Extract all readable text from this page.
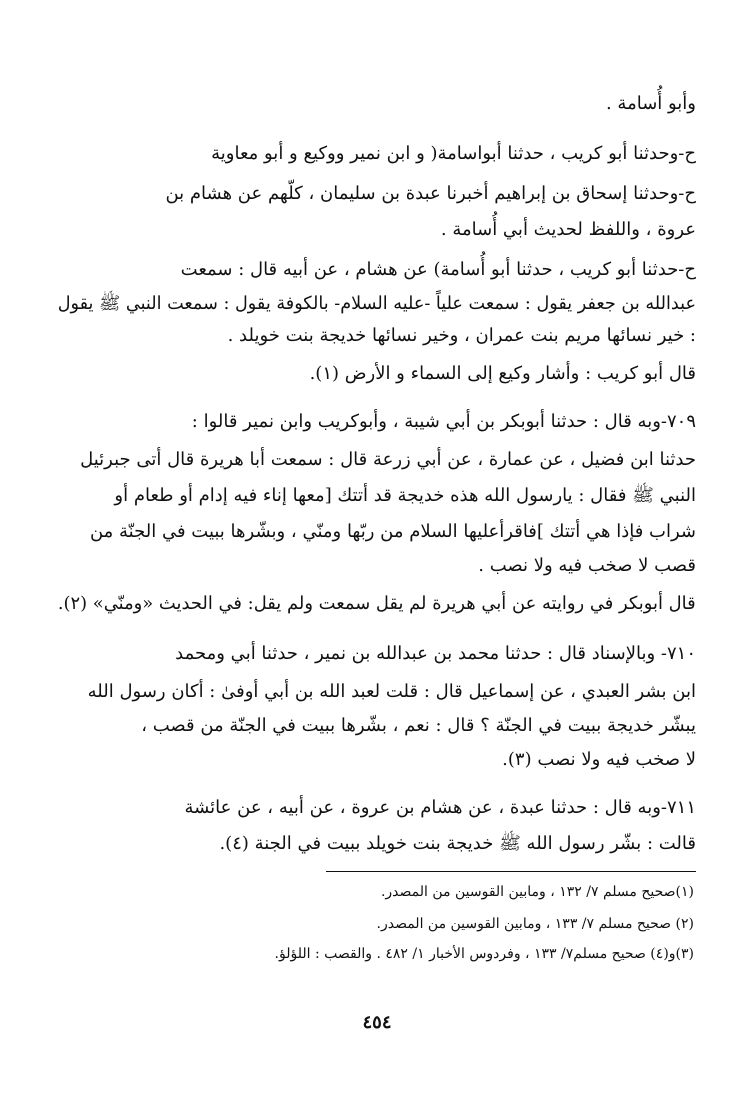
وأبو أُسامة .
ح-وحدثنا أبو كريب ، حدثنا أبواسامة( و ابن نمير ووكيع و أبو معاوية
ح-وحدثنا إسحاق بن إبراهيم أخبرنا عبدة بن سليمان ، كلّهم عن هشام بن
عروة ، واللفظ لحديث أبي أُسامة .
ح-حدثنا أبو كريب ، حدثنا أبو أُسامة) عن هشام ، عن أبيه قال : سمعت
عبدالله بن جعفر يقول : سمعت علياً -عليه السلام- بالكوفة يقول : سمعت النبي ﷺ يقول
: خير نسائها مريم بنت عمران ، وخير نسائها خديجة بنت خويلد .
قال أبو كريب : وأشار وكيع إلى السماء و الأرض (١).
٧٠٩-وبه قال : حدثنا أبوبكر بن أبي شيبة ، وأبوكريب وابن نمير قالوا :
حدثنا ابن فضيل ، عن عمارة ، عن أبي زرعة قال : سمعت أبا هريرة قال أتى جبرئيل
النبي ﷺ فقال : يارسول الله هذه خديجة قد أتتك [معها إناء فيه إدام أو طعام أو
شراب فإذا هي أتتك ]فاقرأعليها السلام من ربّها ومنّي ، وبشّرها ببيت في الجنّة من
قصب لا صخب فيه ولا نصب .
قال أبوبكر في روايته عن أبي هريرة لم يقل سمعت ولم يقل: في الحديث «ومنّي» (٢).
٧١٠- وبالإسناد قال : حدثنا محمد بن عبدالله بن نمير ، حدثنا أبي ومحمد
ابن بشر العبدي ، عن إسماعيل قال : قلت لعبد الله بن أبي أوفىٰ : أكان رسول الله
يبشّر خديجة ببيت في الجنّة ؟ قال : نعم ، بشّرها ببيت في الجنّة من قصب ،
لا صخب فيه ولا نصب (٣).
٧١١-وبه قال : حدثنا عبدة ، عن هشام بن عروة ، عن أبيه ، عن عائشة
قالت : بشّر رسول الله ﷺ خديجة بنت خويلد ببيت في الجنة (٤).
(١)صحيح مسلم ٧/ ١٣٢ ، ومابين القوسين من المصدر.
(٢) صحيح مسلم ٧/ ١٣٣ ، ومابين القوسين من المصدر.
(٣)و(٤) صحيح مسلم٧/ ١٣٣ ، وفردوس الأخبار ١/ ٤٨٢ . والقصب : اللؤلؤ.
٤٥٤
